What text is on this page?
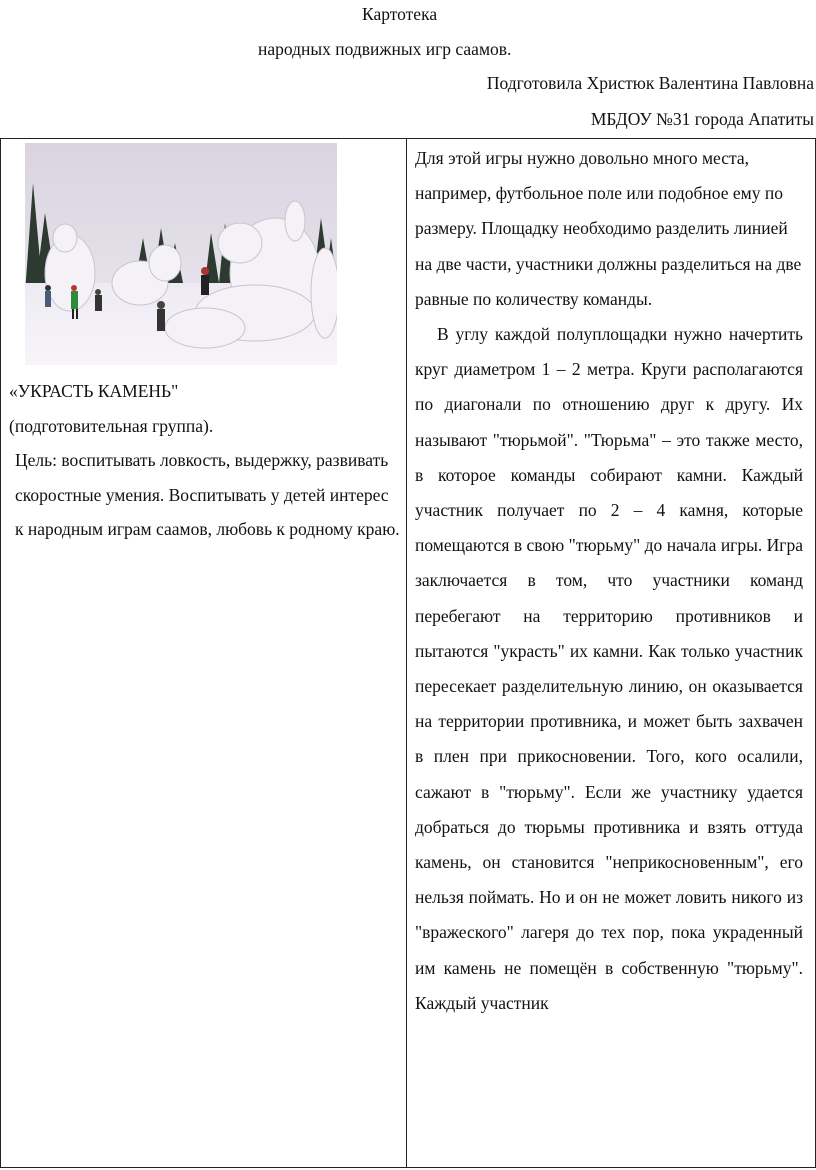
Картотека
народных подвижных игр саамов.
Подготовила Христюк Валентина Павловна
МБДОУ №31 города Апатиты

«УКРАСТЬ КАМЕНЬ"

(подготовительная группа).

Цель: воспитывать ловкость, выдержку, развивать скоростные умения. Воспитывать у детей интерес к народным играм саамов, любовь к родному краю.

Для этой игры нужно довольно много места, например, футбольное поле или подобное ему по размеру. Площадку необходимо разделить линией на две части, участники должны разделиться на две равные по количеству команды.

В углу каждой полуплощадки нужно начертить круг диаметром 1 – 2 метра. Круги располагаются по диагонали по отношению друг к другу. Их называют "тюрьмой". "Тюрьма" – это также место, в которое команды собирают камни. Каждый участник получает по 2 – 4 камня, которые помещаются в свою "тюрьму" до начала игры. Игра заключается в том, что участники команд перебегают на территорию противников и пытаются "украсть" их камни. Как только участник пересекает разделительную линию, он оказывается на территории противника, и может быть захвачен в плен при прикосновении. Того, кого осалили, сажают в "тюрьму". Если же участнику удается добраться до тюрьмы противника и взять оттуда камень, он становится "неприкосновенным", его нельзя поймать. Но и он не может ловить никого из "вражеского" лагеря до тех пор, пока украденный им камень не помещён в собственную "тюрьму". Каждый участник
